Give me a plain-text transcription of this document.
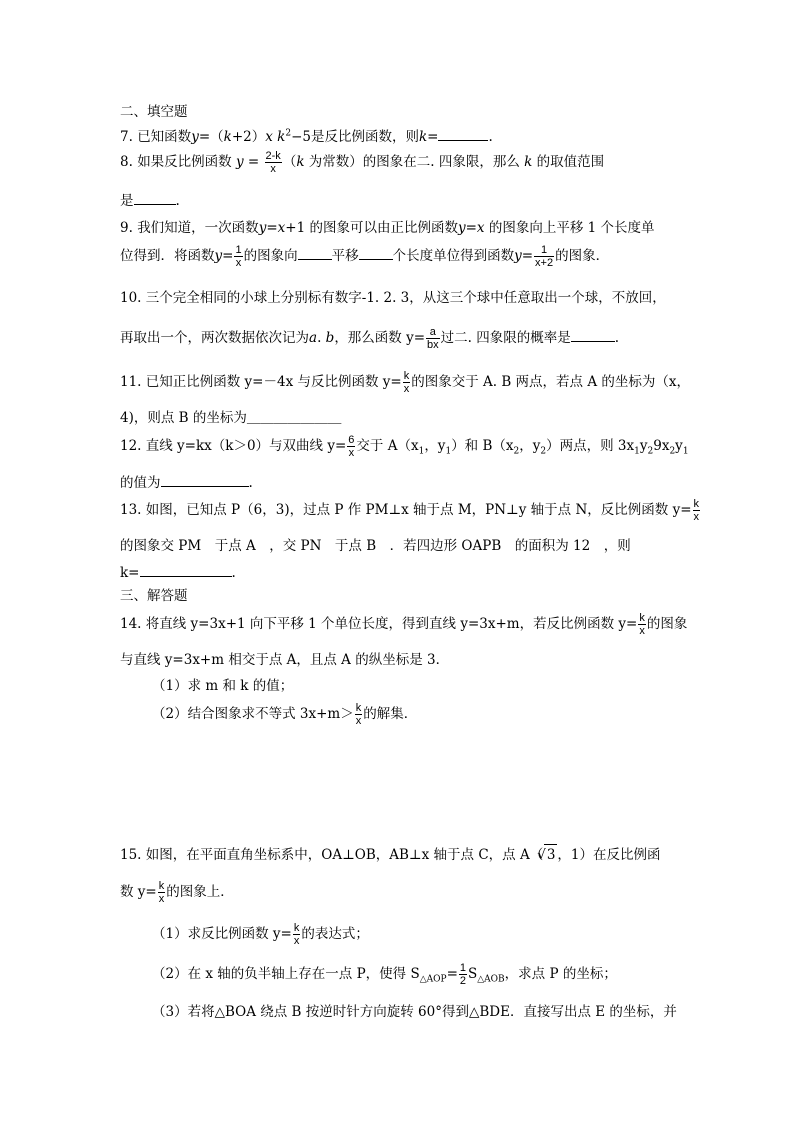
二、填空题
7. 已知函数y=（k+2）x $k^2-5$是反比例函数，则k=	.
8. 如果反比例函数 $y = \frac{2-k}{x} (k$ 为常数）的图象在二. 四象限，那么 k 的取值范围
是	.
9. 我们知道，一次函数y=x+1 的图象可以由正比例函数y=x 的图象向上平移 1 个长度单
位得到．将函数$y= \frac{1}{x}$ 的图象向	平移	个长度单位得到函数$y= \frac{1}{x+2}$ 的图象．
10. 三个完全相同的小球上分别标有数字-1. 2. 3，从这三个球中任意取出一个球，不放回，
再取出一个，两次数据依次记为a. b，那么函数 $y= \frac{a}{bx}$ 过二. 四象限的概率是	.
11. 已知正比例函数 y=－4x 与反比例函数 $y= \frac{k}{x}$ 的图象交于 A. B 两点，若点 A 的坐标为（x，
4)，则点 B 的坐标为＿＿＿＿＿＿＿
12. 直线 y=kx（k＞0）与双曲线 $y= \frac{6}{x}$ 交于 $A(x_1$，$y_1$）和 $B(x_2$，$y_2$）两点，则 $3x_1y_29x_2y_1$
的值为	.
13. 如图，已知点 P（6，3)，过点 P 作 PM⊥x 轴于点 M，PN⊥y 轴于点 N，反比例函数 $y= \frac{k}{x}$
的图象交 PM　于点 A　，交 PN　于点 B　．若四边形 OAPB　的面积为 12　，则
k=	.
三、解答题
14. 将直线 y=3x+1 向下平移 1 个单位长度，得到直线 y=3x+m，若反比例函数 $y= \frac{k}{x}$ 的图象
与直线 y=3x+m 相交于点 A，且点 A 的纵坐标是 3．
（1）求 m 和 k 的值；
（2）结合图象求不等式 $3x+m> \frac{k}{x}$ 的解集．
15. 如图，在平面直角坐标系中，OA⊥OB，AB⊥x 轴于点 C，点 A（√ 3 ，1）在反比例函
数 $y= \frac{k}{x}$ 的图象上．
（1）求反比例函数 $y= \frac{k}{x}$ 的表达式；
（2）在 x 轴的负半轴上存在一点 P，使得 $S_{\triangle AOP}= \frac{1}{2} S_{\triangle AOB}$，求点 P 的坐标；
（3）若将△BOA 绕点 B 按逆时针方向旋转 60°得到△BDE．直接写出点 E 的坐标，并
